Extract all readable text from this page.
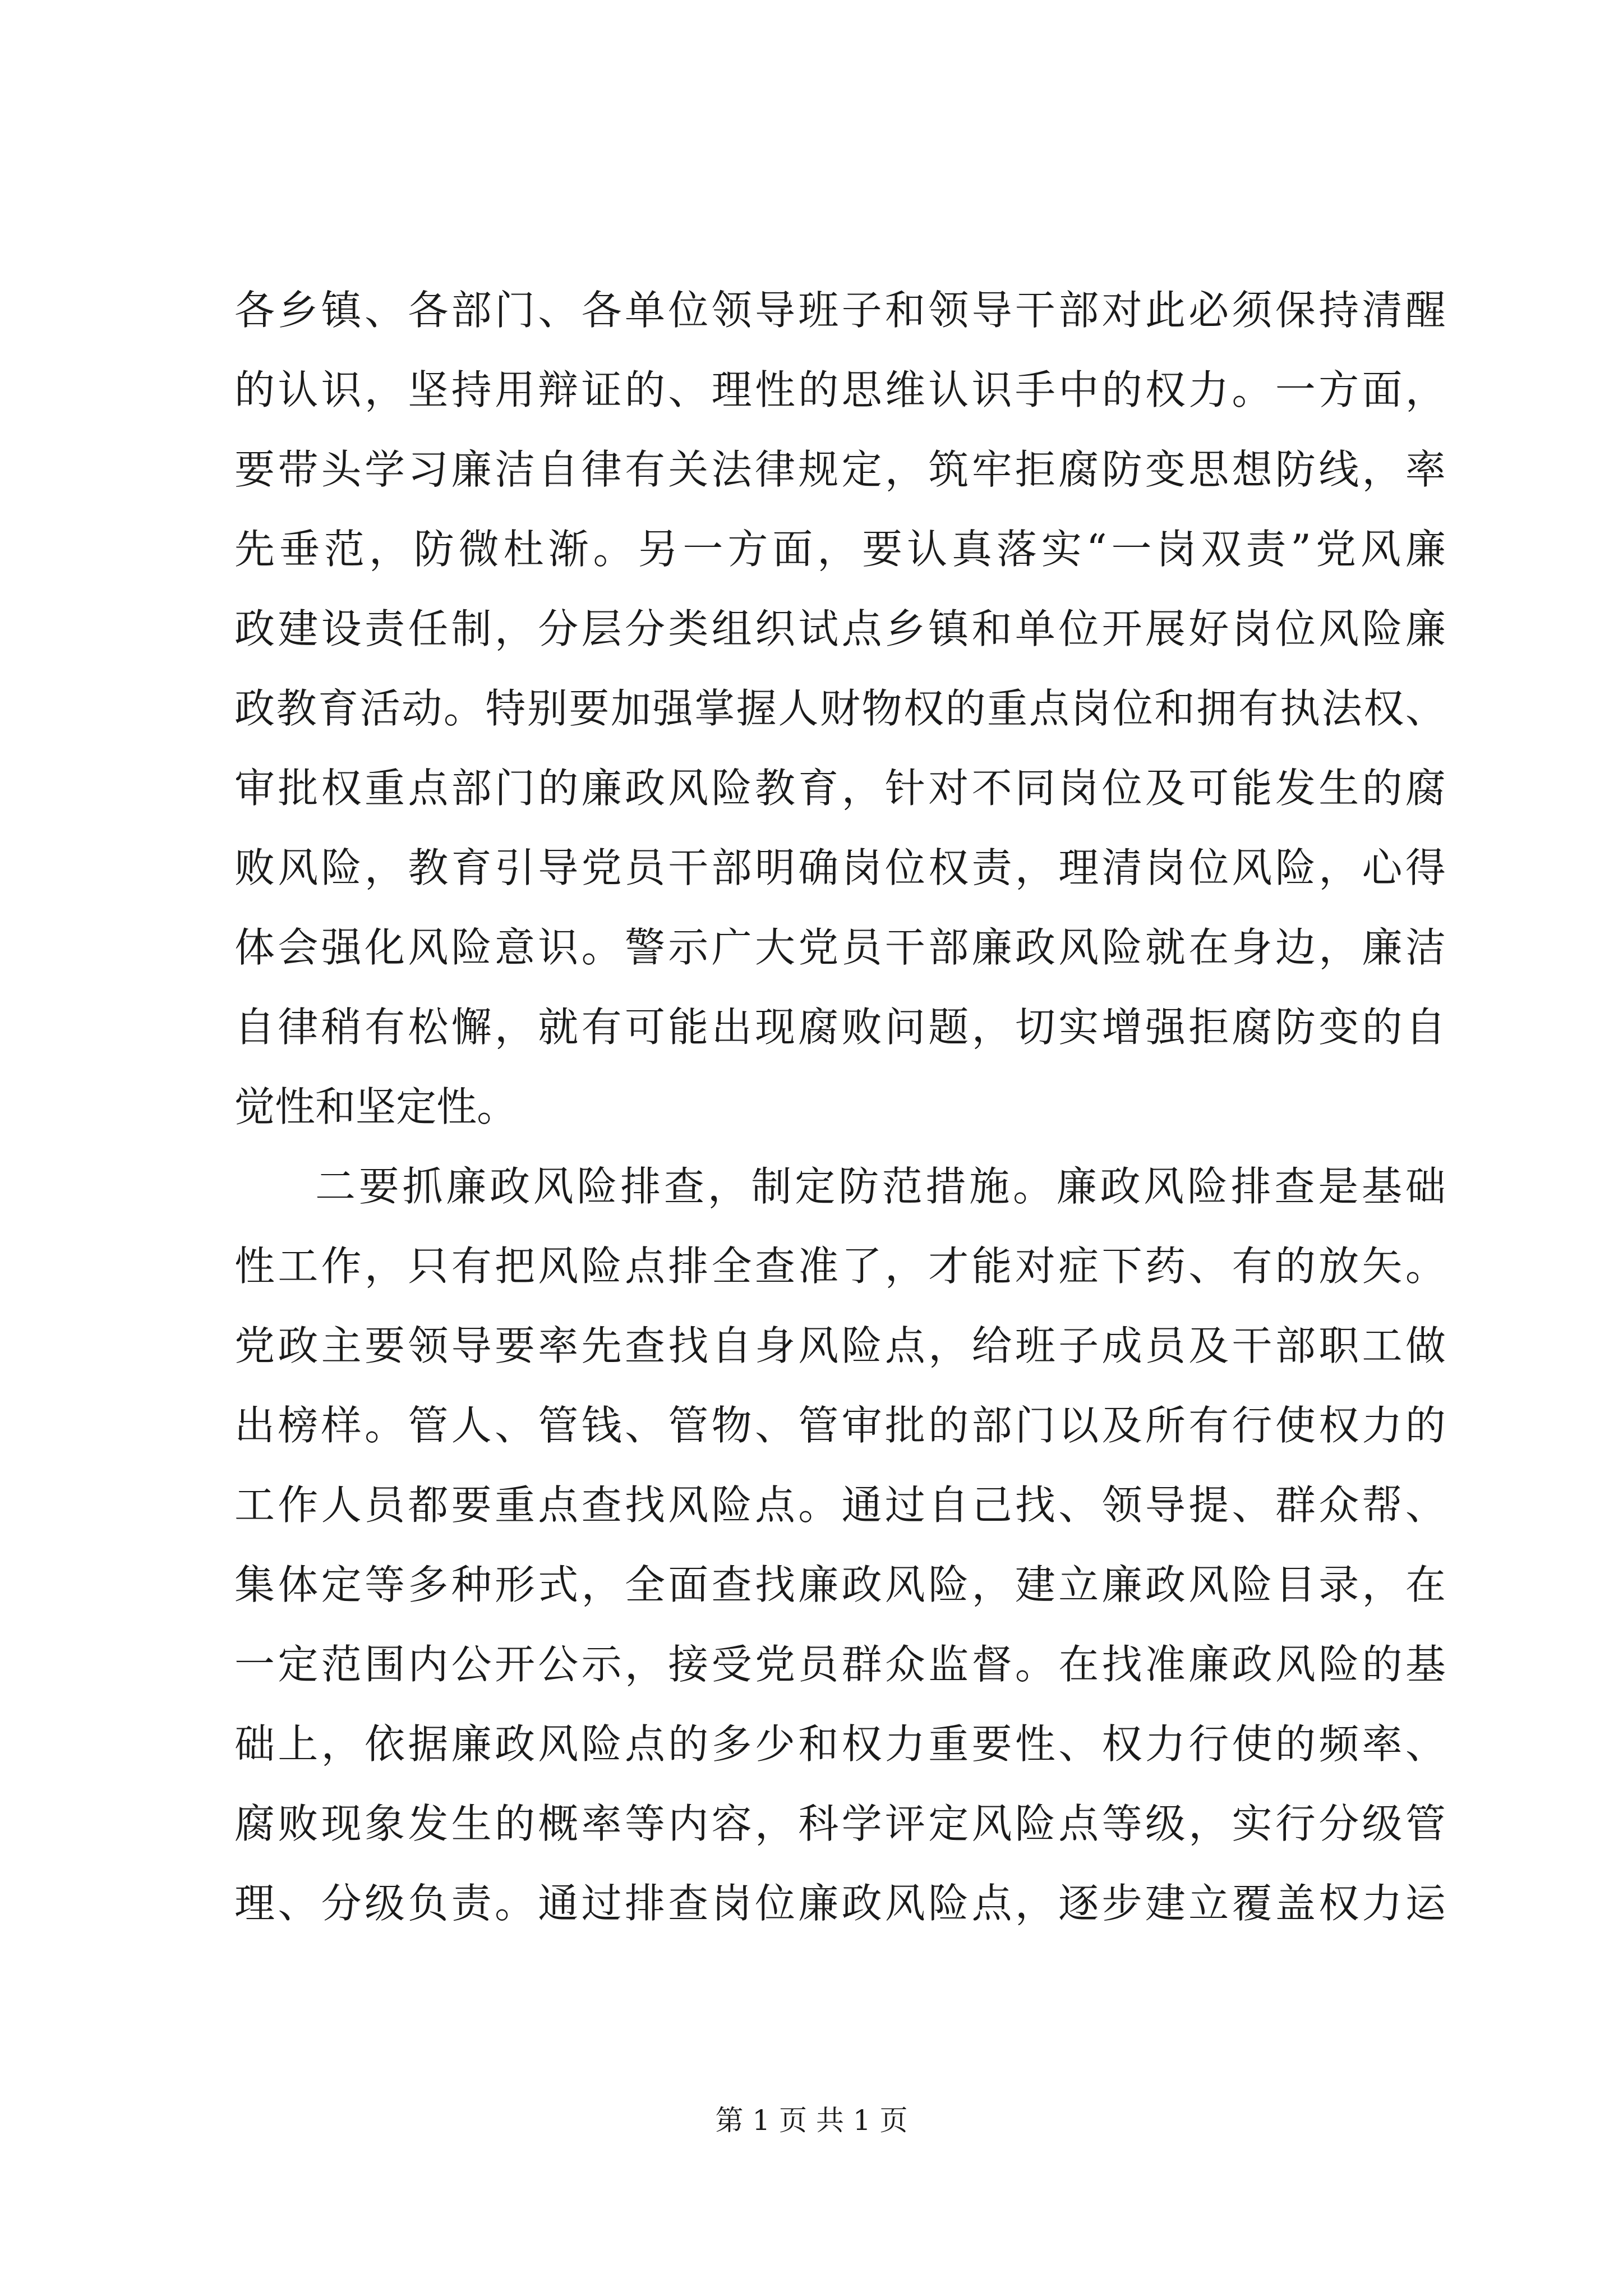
各 乡 镇 、 各 部 门 、 各 单 位 领 导 班 子 和 领 导 干 部 对 此 必 须 保 持 清 醒
的 认 识 ， 坚 持 用 辩 证 的 、 理 性 的 思 维 认 识 手 中 的 权 力 。 一 方 面 ，
要 带 头 学 习 廉 洁 自 律 有 关 法 律 规 定 ， 筑 牢 拒 腐 防 变 思 想 防 线 ， 率
先 垂 范 ， 防 微 杜 渐 。 另 一 方 面 ， 要 认 真 落 实 “ 一 岗 双 责 ” 党 风 廉
政 建 设 责 任 制 ， 分 层 分 类 组 织 试 点 乡 镇 和 单 位 开 展 好 岗 位 风 险 廉
政 教 育 活 动 。 特 别 要 加 强 掌 握 人 财 物 权 的 重 点 岗 位 和 拥 有 执 法 权 、
审 批 权 重 点 部 门 的 廉 政 风 险 教 育 ， 针 对 不 同 岗 位 及 可 能 发 生 的 腐
败 风 险 ， 教 育 引 导 党 员 干 部 明 确 岗 位 权 责 ， 理 清 岗 位 风 险 ， 心 得
体 会 强 化 风 险 意 识 。 警 示 广 大 党 员 干 部 廉 政 风 险 就 在 身 边 ， 廉 洁
自 律 稍 有 松 懈 ， 就 有 可 能 出 现 腐 败 问 题 ， 切 实 增 强 拒 腐 防 变 的 自
觉 性 和 坚 定 性 。
二 要 抓 廉 政 风 险 排 查 ， 制 定 防 范 措 施 。 廉 政 风 险 排 查 是 基 础
性 工 作 ， 只 有 把 风 险 点 排 全 查 准 了 ， 才 能 对 症 下 药 、 有 的 放 矢 。
党 政 主 要 领 导 要 率 先 查 找 自 身 风 险 点 ， 给 班 子 成 员 及 干 部 职 工 做
出 榜 样 。 管 人 、 管 钱 、 管 物 、 管 审 批 的 部 门 以 及 所 有 行 使 权 力 的
工 作 人 员 都 要 重 点 查 找 风 险 点 。 通 过 自 己 找 、 领 导 提 、 群 众 帮 、
集 体 定 等 多 种 形 式 ， 全 面 查 找 廉 政 风 险 ， 建 立 廉 政 风 险 目 录 ， 在
一 定 范 围 内 公 开 公 示 ， 接 受 党 员 群 众 监 督 。 在 找 准 廉 政 风 险 的 基
础 上 ， 依 据 廉 政 风 险 点 的 多 少 和 权 力 重 要 性 、 权 力 行 使 的 频 率 、
腐 败 现 象 发 生 的 概 率 等 内 容 ， 科 学 评 定 风 险 点 等 级 ， 实 行 分 级 管
理 、 分 级 负 责 。 通 过 排 查 岗 位 廉 政 风 险 点 ， 逐 步 建 立 覆 盖 权 力 运
第 1 页 共 1 页
